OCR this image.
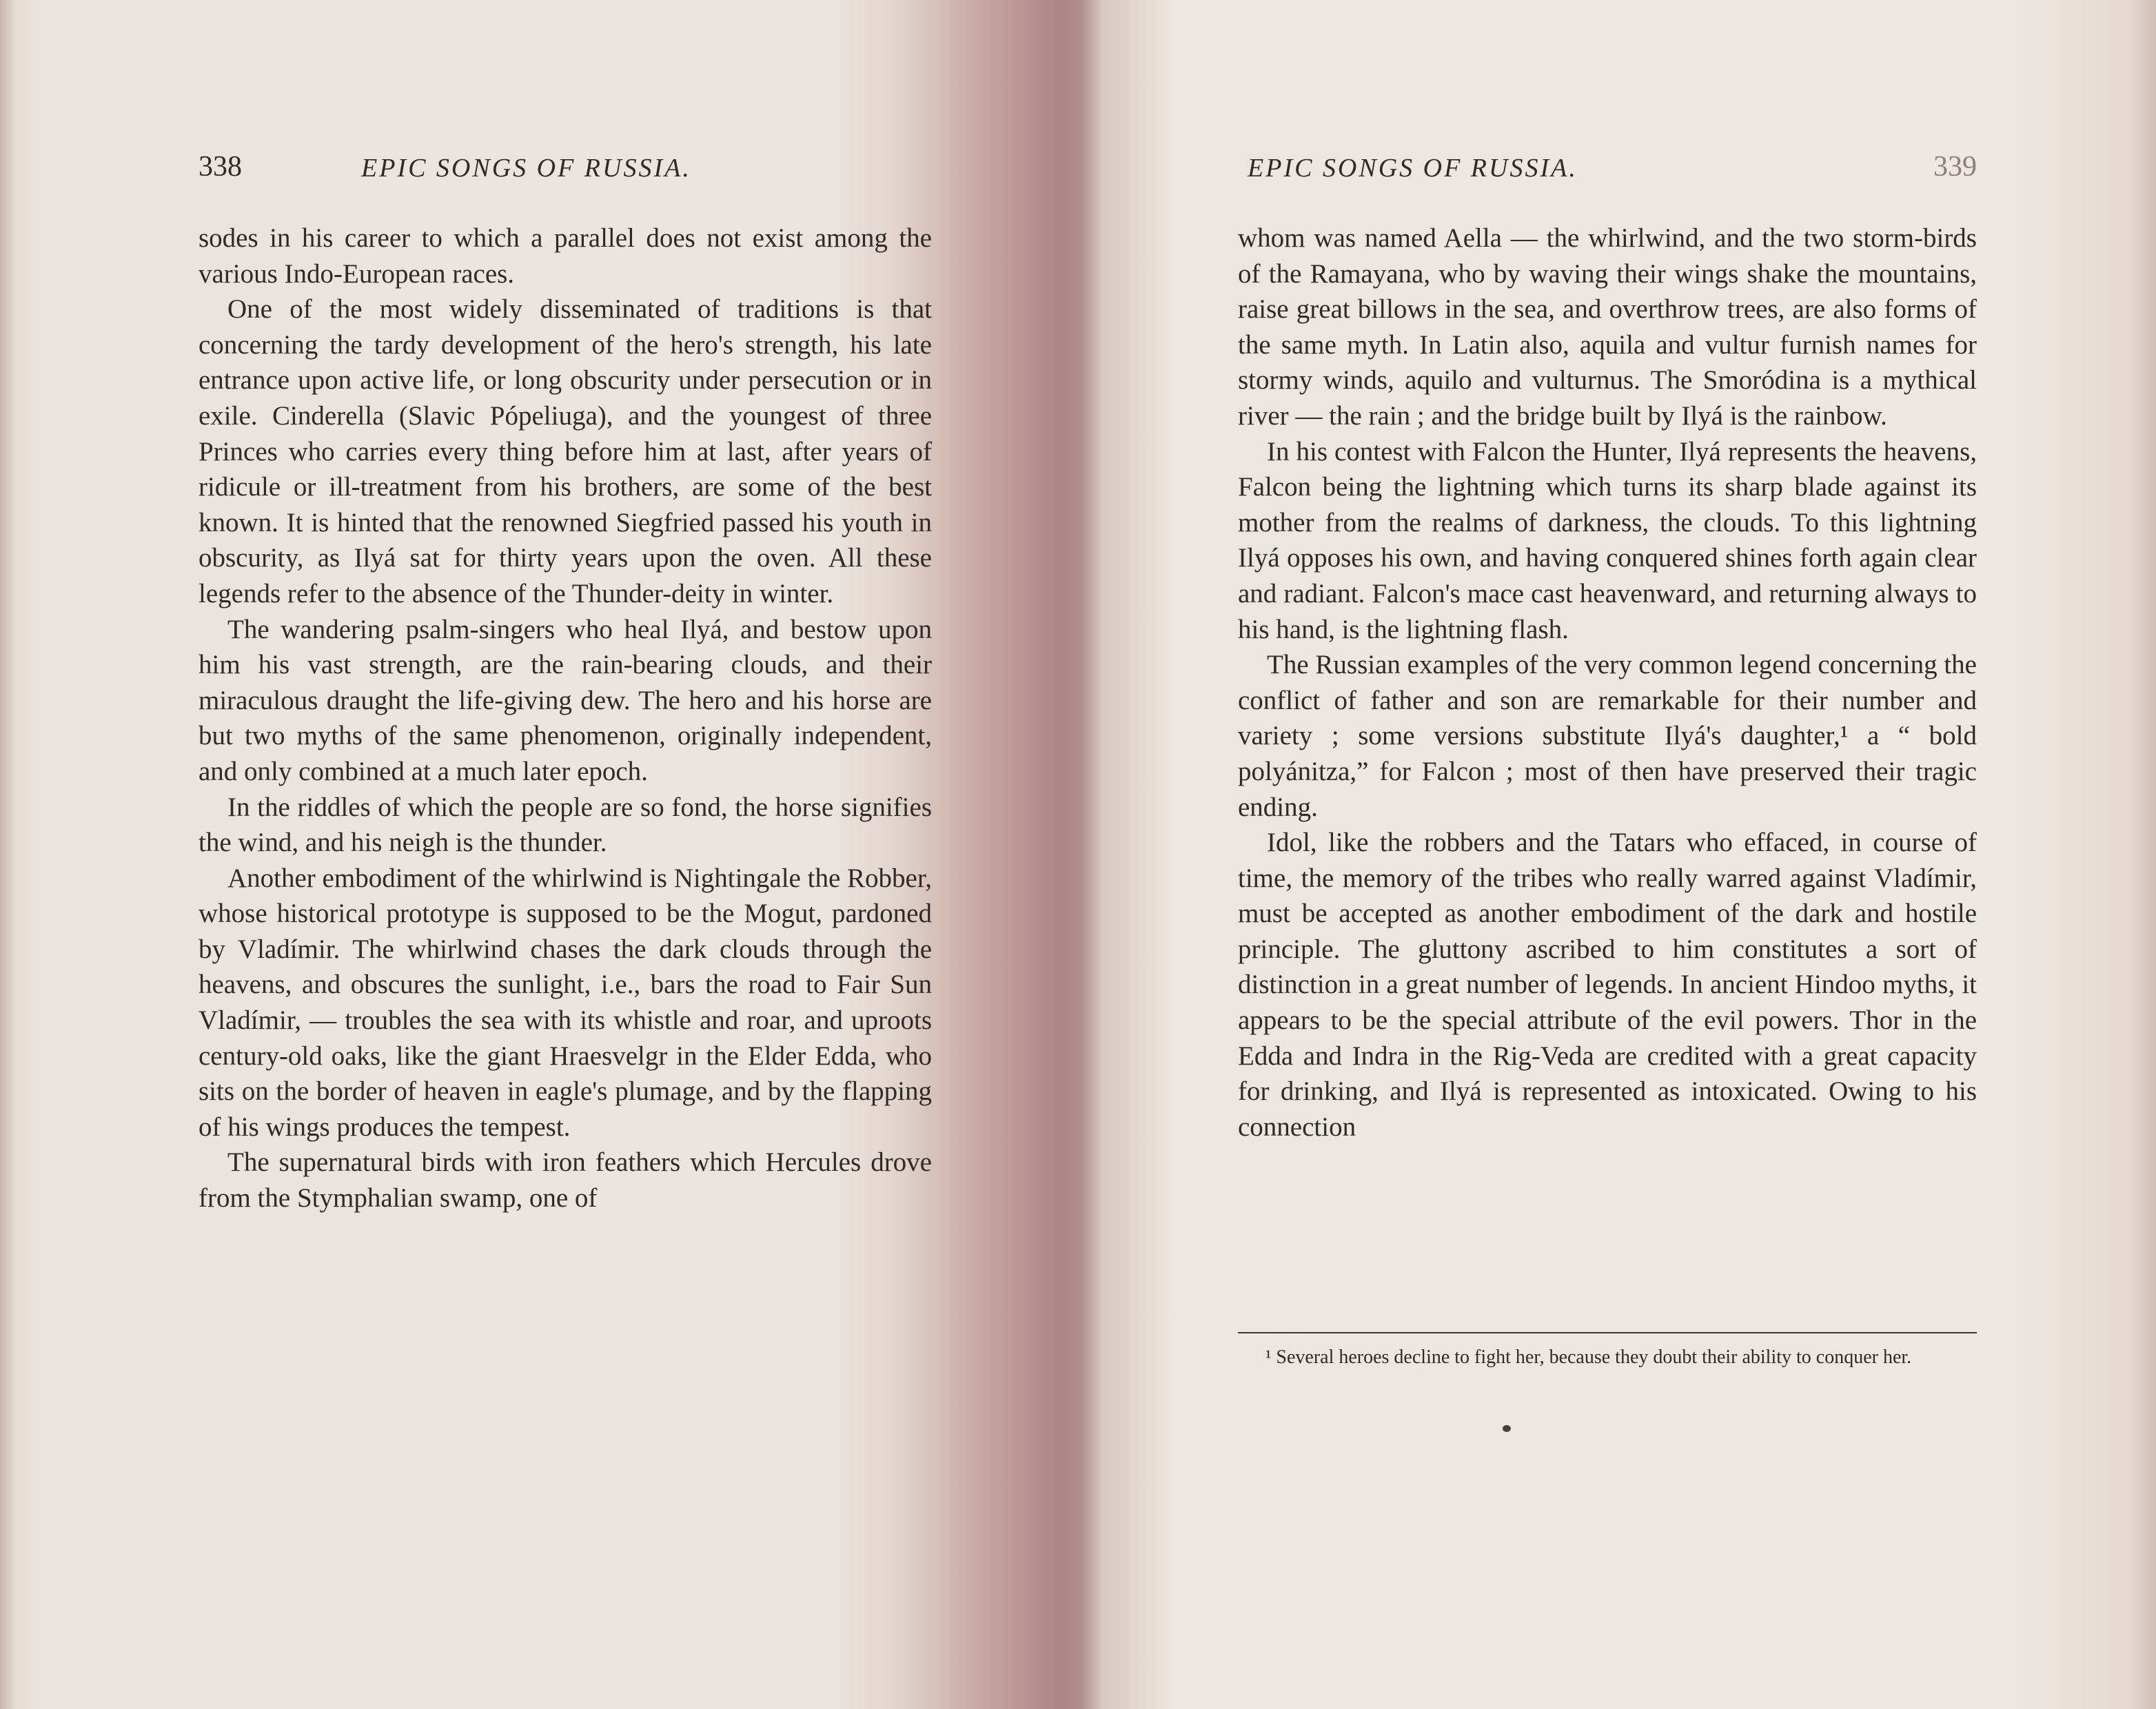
338	EPIC SONGS OF RUSSIA.

sodes in his career to which a parallel does not exist among the various Indo-European races.

One of the most widely disseminated of traditions is that concerning the tardy development of the hero's strength, his late entrance upon active life, or long obscurity under persecution or in exile. Cinderella (Slavic Pópeliuga), and the youngest of three Princes who carries every thing before him at last, after years of ridicule or ill-treatment from his brothers, are some of the best known. It is hinted that the renowned Siegfried passed his youth in obscurity, as Ilyá sat for thirty years upon the oven. All these legends refer to the absence of the Thunder-deity in winter.

The wandering psalm-singers who heal Ilyá, and bestow upon him his vast strength, are the rain-bearing clouds, and their miraculous draught the life-giving dew. The hero and his horse are but two myths of the same phenomenon, originally independent, and only combined at a much later epoch.

In the riddles of which the people are so fond, the horse signifies the wind, and his neigh is the thunder.

Another embodiment of the whirlwind is Nightingale the Robber, whose historical prototype is supposed to be the Mogut, pardoned by Vladímir. The whirlwind chases the dark clouds through the heavens, and obscures the sunlight, i.e., bars the road to Fair Sun Vladímir, — troubles the sea with its whistle and roar, and uproots century-old oaks, like the giant Hraesvelgr in the Elder Edda, who sits on the border of heaven in eagle's plumage, and by the flapping of his wings produces the tempest.

The supernatural birds with iron feathers which Hercules drove from the Stymphalian swamp, one of

EPIC SONGS OF RUSSIA.	339

whom was named Aella — the whirlwind, and the two storm-birds of the Ramayana, who by waving their wings shake the mountains, raise great billows in the sea, and overthrow trees, are also forms of the same myth. In Latin also, aquila and vultur furnish names for stormy winds, aquilo and vulturnus. The Smoródina is a mythical river — the rain ; and the bridge built by Ilyá is the rainbow.

In his contest with Falcon the Hunter, Ilyá represents the heavens, Falcon being the lightning which turns its sharp blade against its mother from the realms of darkness, the clouds. To this lightning Ilyá opposes his own, and having conquered shines forth again clear and radiant. Falcon's mace cast heavenward, and returning always to his hand, is the lightning flash.

The Russian examples of the very common legend concerning the conflict of father and son are remarkable for their number and variety ; some versions substitute Ilyá's daughter,¹ a “ bold polyánitza,” for Falcon ; most of then have preserved their tragic ending.

Idol, like the robbers and the Tatars who effaced, in course of time, the memory of the tribes who really warred against Vladímir, must be accepted as another embodiment of the dark and hostile principle. The gluttony ascribed to him constitutes a sort of distinction in a great number of legends. In ancient Hindoo myths, it appears to be the special attribute of the evil powers. Thor in the Edda and Indra in the Rig-Veda are credited with a great capacity for drinking, and Ilyá is represented as intoxicated. Owing to his connection

¹ Several heroes decline to fight her, because they doubt their ability to conquer her.
